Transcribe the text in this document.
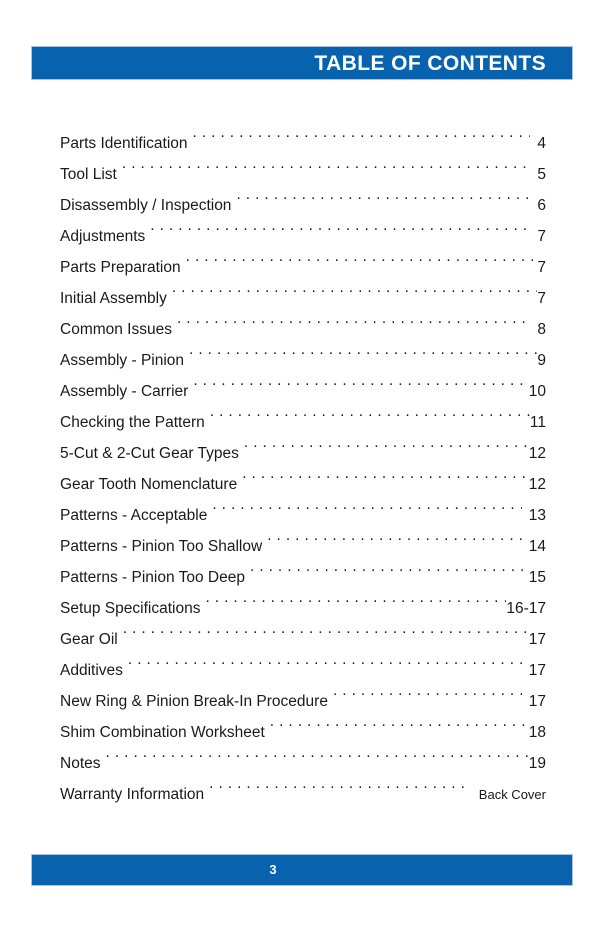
TABLE OF CONTENTS
Parts Identification . . .	4
Tool List . . .	5
Disassembly / Inspection . . .	6
Adjustments . . .	7
Parts Preparation . . .	7
Initial Assembly . . .	7
Common Issues . . .	8
Assembly - Pinion . . .	9
Assembly - Carrier . . .	10
Checking the Pattern . . .	11
5-Cut & 2-Cut Gear Types . . .	12
Gear Tooth Nomenclature . . .	12
Patterns - Acceptable . . .	13
Patterns - Pinion Too Shallow . . .	14
Patterns - Pinion Too Deep . . .	15
Setup Specifications . . .	16-17
Gear Oil . . .	17
Additives . . .	17
New Ring & Pinion Break-In Procedure . . .	17
Shim Combination Worksheet . . .	18
Notes . . .	19
Warranty Information . . .	Back Cover
3
